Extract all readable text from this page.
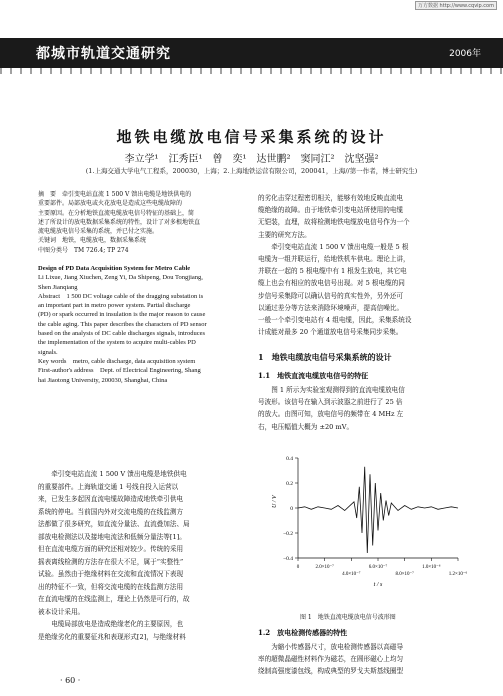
万方数据 http://www.cqvip.com
都城市轨道交通研究	2006年
地铁电缆放电信号采集系统的设计
李立学¹　江秀臣¹　曾　奕¹　达世鹏²　窦同江²　沈坚强²
(1.上海交通大学电气工程系，200030，上海；2.上海地铁运营有限公司，200041，上海//第一作者，博士研究生)
摘　要　牵引变电站直流 1 500 V 馈出电缆是地铁供电的
重要部件。局部放电或火花放电是造成这些电缆故障的
主要原因。在分析地铁直流电缆放电信号特征的基础上，简
述了所设计的放电数据采集系统的特性，设计了对多根地铁直
流电缆放电信号采集的系统，并已付之实施。
关键词　地铁，电缆放电，数据采集系统
中图分类号　TM 726.4; TP 274
Design of PD Data Acquisition System for Metro Cable
Li Lixue, Jiang Xiuchen, Zeng Yi, Da Shipeng, Dou Tongjiang,
Shen Jianqiang
Abstract　1 500 DC voltage cable of the dragging substation is
an important part in metro power system. Partial discharge
(PD) or spark occurred in insulation is the major reason to cause
the cable aging. This paper describes the characters of PD sensor
based on the analysis of DC cable discharges signals, introduces
the implementation of the system to acquire multi-cables PD
signals.
Key words　metro, cable discharge, data acquisition system
First-author's address　Dept. of Electrical Engineering, Shang
hai Jiaotong University, 200030, Shanghai, China
牵引变电站直流 1 500 V 馈出电缆是地铁供电
的重要部件。上海轨道交通 1 号线自投入运营以
来，已发生多起因直流电缆故障造成地铁牵引供电
系统的停电。当前国内外对交流电缆的在线监测方
法都做了很多研究，如直流分量法、直流叠加法、局
部放电检测法以及接地电流法和低频分量法等[1]。
但在直流电缆方面的研究还相对较少。传统的采用
摇表离线检测的方法存在很大不足，属于“实整性”
试验。虽然由于绝缘材料在交流和直流情况下表现
出的特征不一致，但将交流电缆的在线监测方法用
在直流电缆的在线监测上，理论上仍然是可行的，故
被本设计采用。
电缆局部放电是造成绝缘老化的主要原因，也
是绝缘劣化的重要征兆和表现形式[2]，与绝缘材料
· 60 ·
的劣化击穿过程密切相关，能够有效地反映直流电
缆绝缘的故障。由于地铁牵引变电站所使用的电缆
无铠装，直埋，故将检测地铁电缆放电信号作为一个
主要的研究方法。
牵引变电站直流 1 500 V 馈出电缆一般是 5 根
电缆为一组并联运行，给地铁机车供电。理论上讲，
并联在一起的 5 根电缆中有 1 根发生放电，其它电
缆上也会有相应的放电信号出现。对 5 根电缆的同
步信号采集除可以确认信号的真实性外，另外还可
以通过差分等方法来消除环境噪声，提高信噪比。
一般一个牵引变电站有 4 组电缆，因此，采集系统设
计成能对最多 20 个通道放电信号采集同步采集。
1　地铁电缆放电信号采集系统的设计
1.1　地铁直流电缆放电信号的特征
图 1 所示为实验室观测得到的直流电缆放电信
号波形。该信号在输入到示波器之前进行了 25 倍
的放大。由图可知，放电信号的频带在 4 MHz 左
右，电压幅值大概为 ±20 mV。
0.4
0.2
0
−0.2
−0.4
0	2.0×10⁻⁷	6.0×10⁻⁷	1.0×10⁻⁶
4.0×10⁻⁷	8.0×10⁻⁷	1.2×10⁻⁶
U / V
t / s
图 1　地铁直流电缆放电信号波形图
1.2　放电检测传感器的特性
为縮小传感器尺寸，放电检测传感器以高磁导
率的超微晶磁性材料作为磁芯，在圆形磁心上均匀
绕制高强度漆包线，构成典型的罗戈夫斯基线圈型
